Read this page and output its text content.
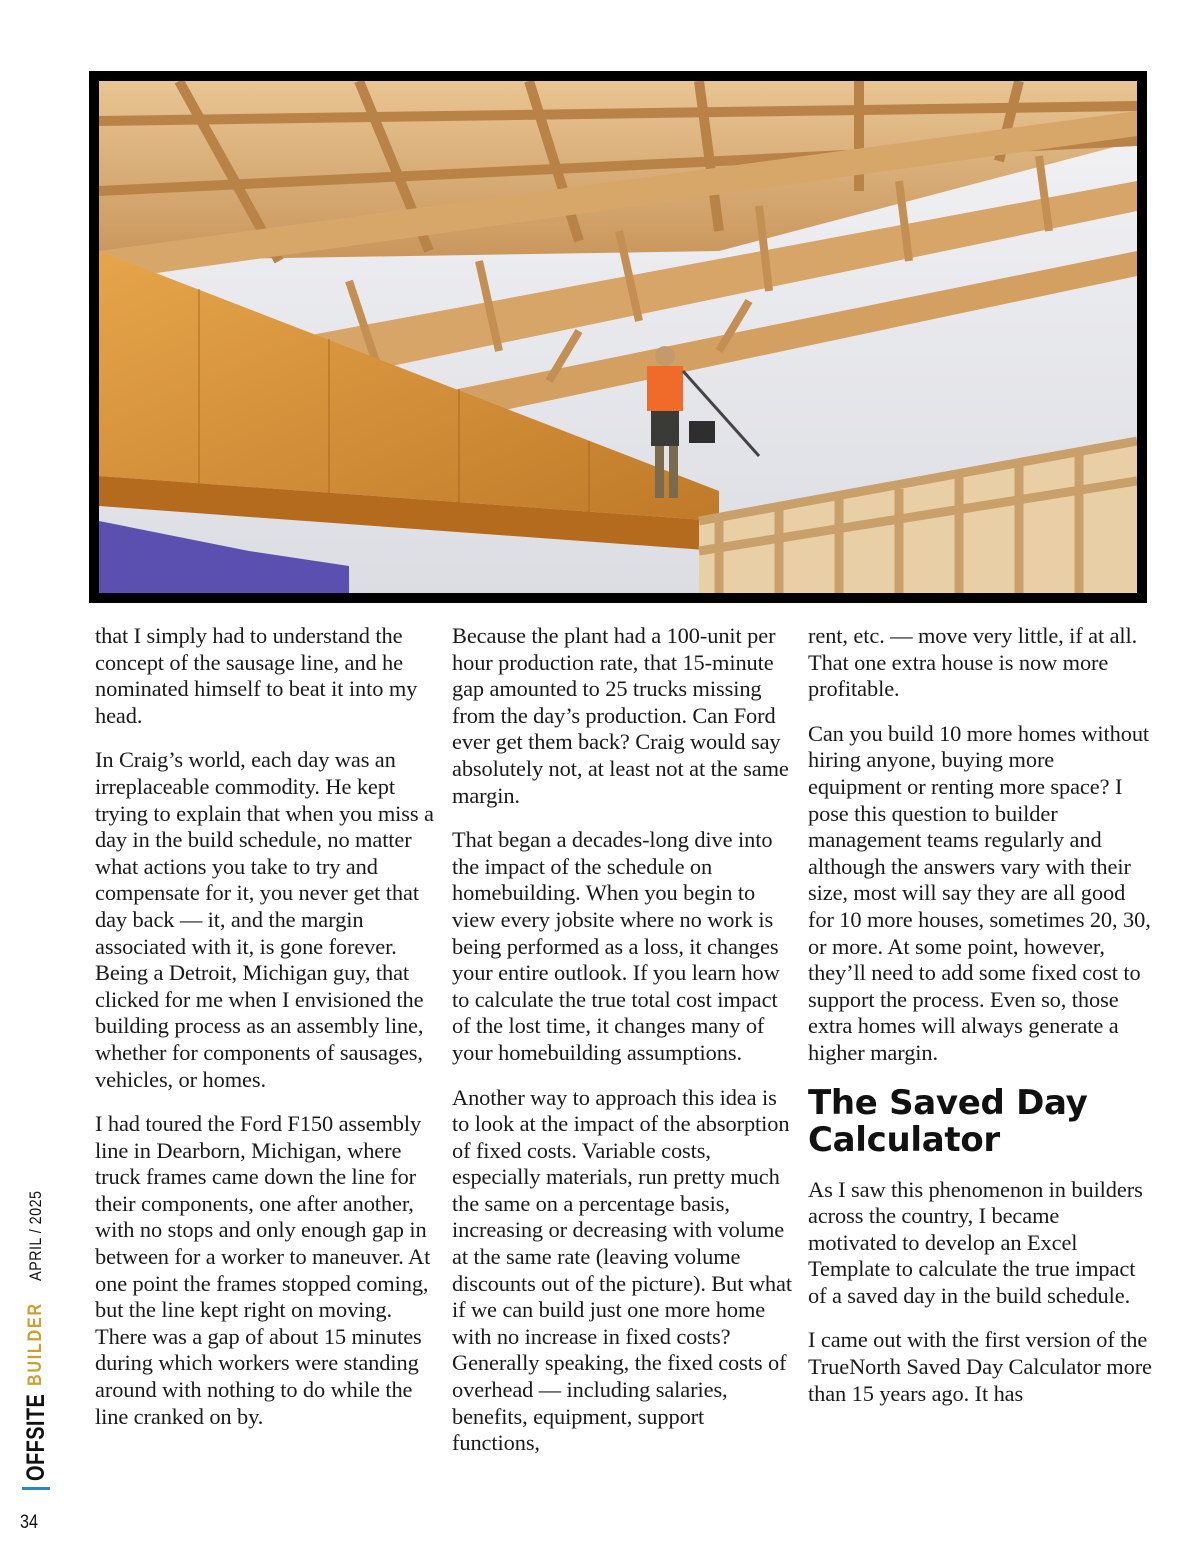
that I simply had to understand the concept of the sausage line, and he nominated himself to beat it into my head.

In Craig’s world, each day was an irreplaceable commodity. He kept trying to explain that when you miss a day in the build schedule, no matter what actions you take to try and compensate for it, you never get that day back — it, and the margin associated with it, is gone forever. Being a Detroit, Michigan guy, that clicked for me when I envisioned the building process as an assembly line, whether for components of sausages, vehicles, or homes.

I had toured the Ford F150 assembly line in Dearborn, Michigan, where truck frames came down the line for their components, one after another, with no stops and only enough gap in between for a worker to maneuver. At one point the frames stopped coming, but the line kept right on moving. There was a gap of about 15 minutes during which workers were standing around with nothing to do while the line cranked on by.

Because the plant had a 100-unit per hour production rate, that 15-minute gap amounted to 25 trucks missing from the day’s production. Can Ford ever get them back? Craig would say absolutely not, at least not at the same margin.

That began a decades-long dive into the impact of the schedule on homebuilding. When you begin to view every jobsite where no work is being performed as a loss, it changes your entire outlook. If you learn how to calculate the true total cost impact of the lost time, it changes many of your homebuilding assumptions.

Another way to approach this idea is to look at the impact of the absorption of fixed costs. Variable costs, especially materials, run pretty much the same on a percentage basis, increasing or decreasing with volume at the same rate (leaving volume discounts out of the picture). But what if we can build just one more home with no increase in fixed costs? Generally speaking, the fixed costs of overhead — including salaries, benefits, equipment, support functions,

rent, etc. — move very little, if at all. That one extra house is now more profitable.

Can you build 10 more homes without hiring anyone, buying more equipment or renting more space? I pose this question to builder management teams regularly and although the answers vary with their size, most will say they are all good for 10 more houses, sometimes 20, 30, or more. At some point, however, they’ll need to add some fixed cost to support the process. Even so, those extra homes will always generate a higher margin.

The Saved Day Calculator

As I saw this phenomenon in builders across the country, I became motivated to develop an Excel Template to calculate the true impact of a saved day in the build schedule.

I came out with the first version of the TrueNorth Saved Day Calculator more than 15 years ago. It has

OFFSITE
BUILDER
APRIL / 2025
34
